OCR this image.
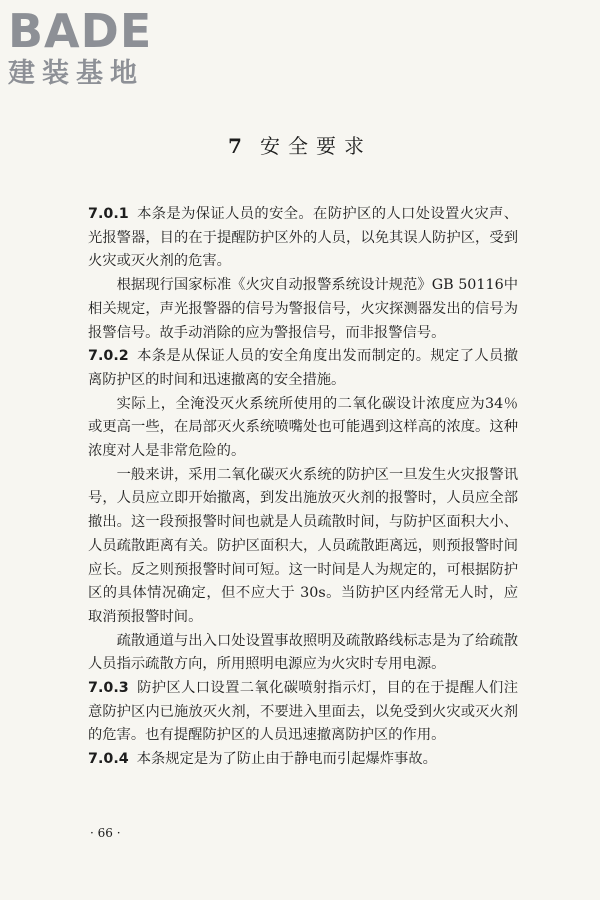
BADE
建装基地
7 安全要求

7.0.1 本条是为保证人员的安全。在防护区的人口处设置火灾声、光报警器，目的在于提醒防护区外的人员，以免其误人防护区，受到火灾或灭火剂的危害。

根据现行国家标准《火灾自动报警系统设计规范》GB 50116中相关规定，声光报警器的信号为警报信号，火灾探测器发出的信号为报警信号。故手动消除的应为警报信号，而非报警信号。

7.0.2 本条是从保证人员的安全角度出发而制定的。规定了人员撤离防护区的时间和迅速撤离的安全措施。

实际上，全淹没灭火系统所使用的二氧化碳设计浓度应为34％或更高一些，在局部灭火系统喷嘴处也可能遇到这样高的浓度。这种浓度对人是非常危险的。

一般来讲，采用二氧化碳灭火系统的防护区一旦发生火灾报警讯号，人员应立即开始撤离，到发出施放灭火剂的报警时，人员应全部撤出。这一段预报警时间也就是人员疏散时间，与防护区面积大小、人员疏散距离有关。防护区面积大，人员疏散距离远，则预报警时间应长。反之则预报警时间可短。这一时间是人为规定的，可根据防护区的具体情况确定，但不应大于 30s。当防护区内经常无人时，应取消预报警时间。

疏散通道与出入口处设置事故照明及疏散路线标志是为了给疏散人员指示疏散方向，所用照明电源应为火灾时专用电源。

7.0.3 防护区人口设置二氧化碳喷射指示灯，目的在于提醒人们注意防护区内已施放灭火剂，不要进入里面去，以免受到火灾或灭火剂的危害。也有提醒防护区的人员迅速撤离防护区的作用。

7.0.4 本条规定是为了防止由于静电而引起爆炸事故。

· 66 ·
